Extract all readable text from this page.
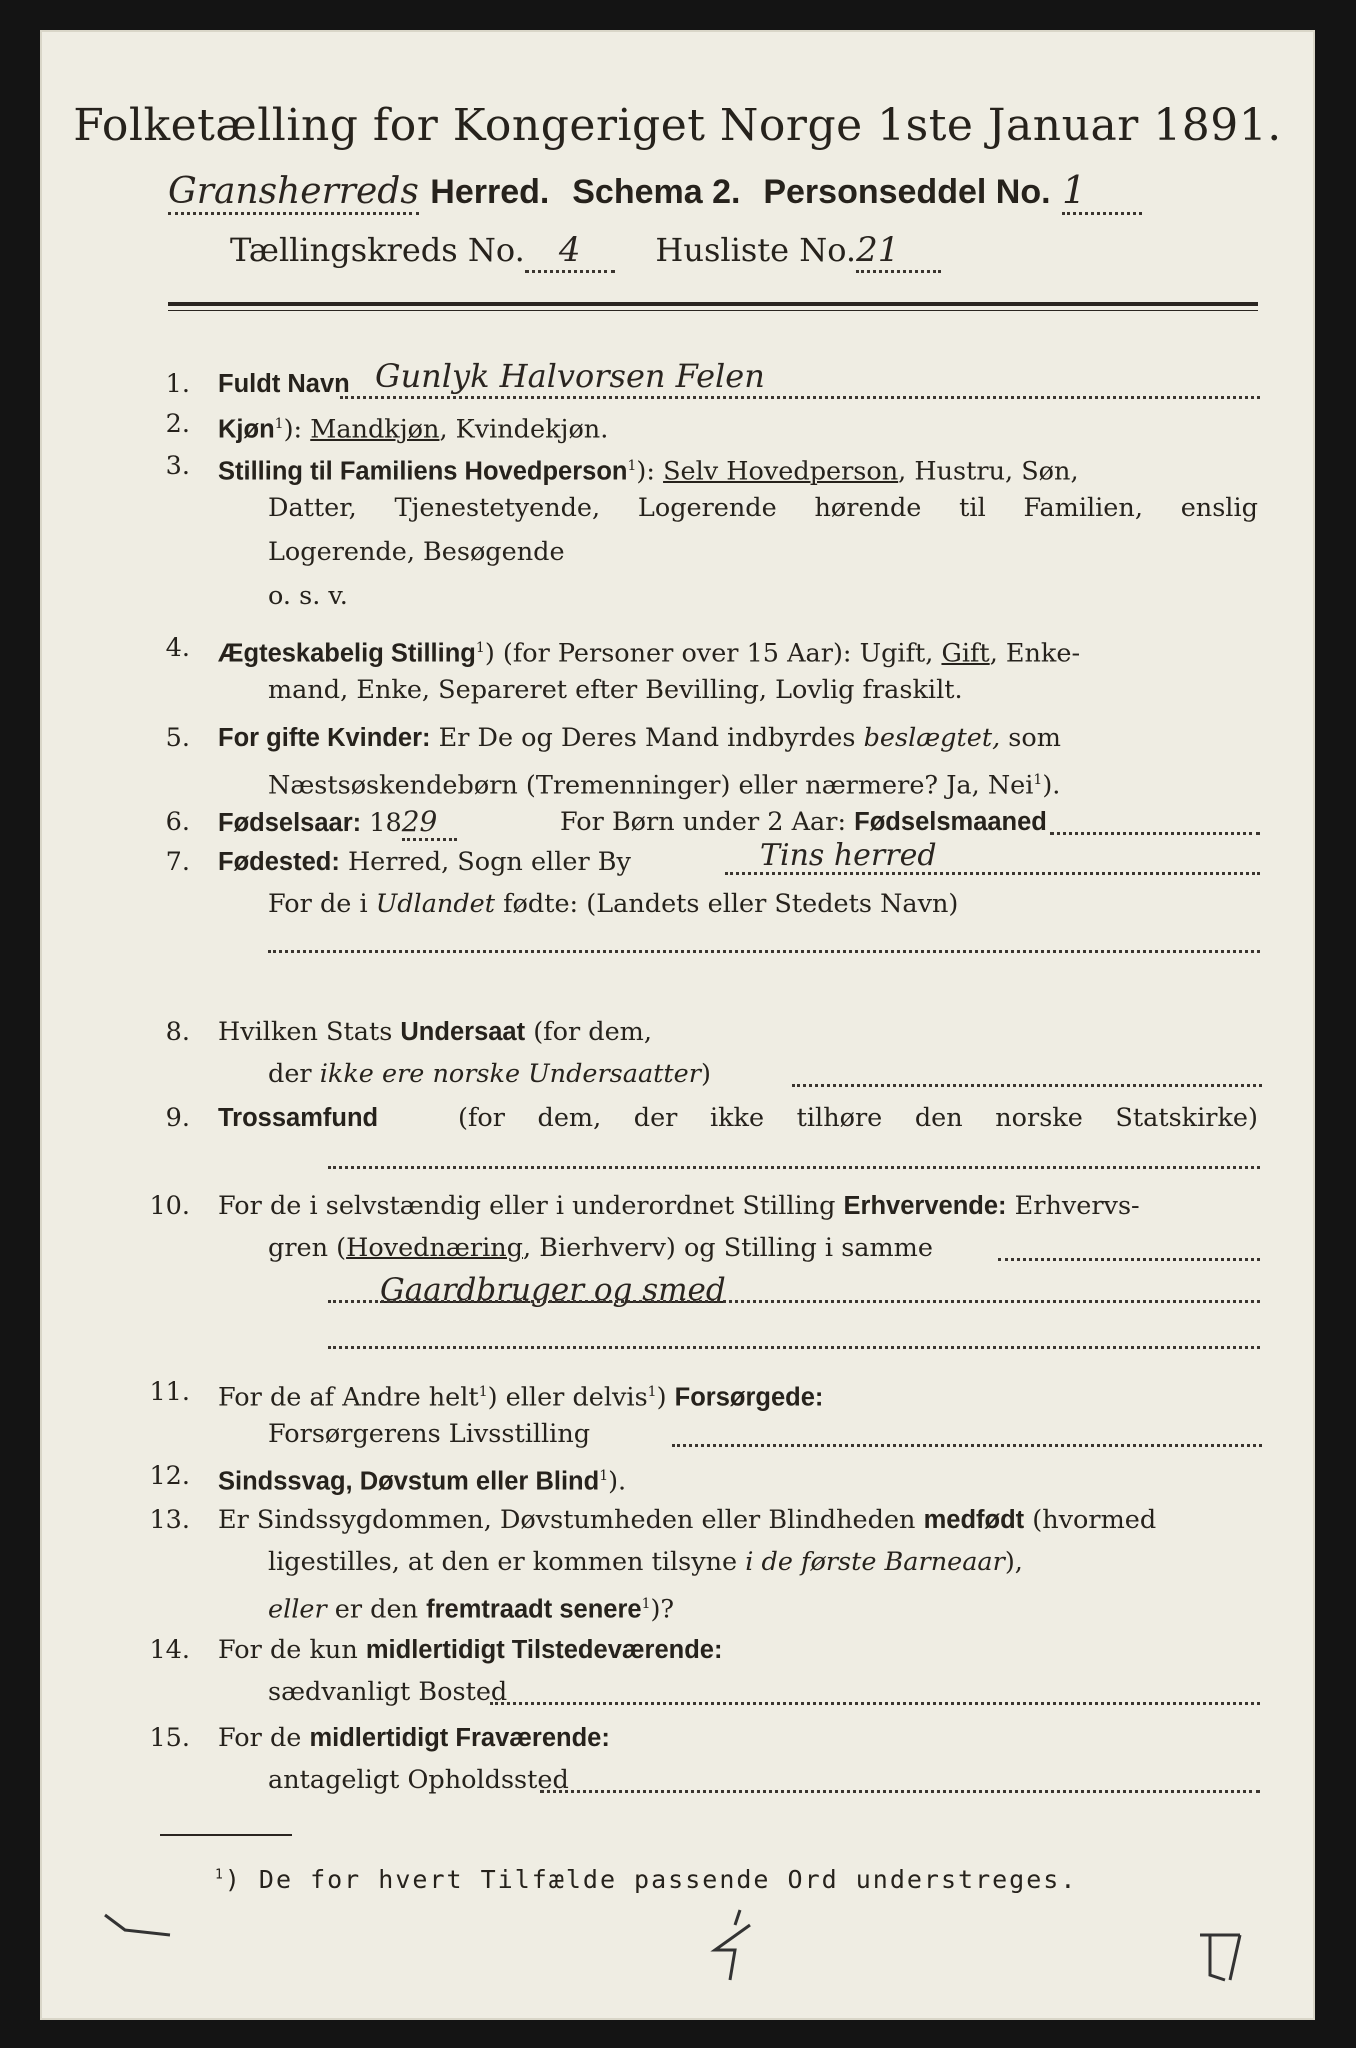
Folketælling for Kongeriget Norge 1ste Januar 1891.
Gransherreds Herred. Schema 2. Personseddel No. 1
Tællingskreds No. 4 Husliste No.21
1. Fuldt Navn Gunlyk Halvorsen Felen
2. Kjøn$^1$): Mandkjøn, Kvindekjøn.
3. Stilling til Familiens Hovedperson$^1$): Selv Hovedperson, Hustru, Søn,
Datter, Tjenestetyende, Logerende hørende til Familien, enslig
Logerende, Besøgende
o. s. v.
4. Ægteskabelig Stilling$^1$) (for Personer over 15 Aar): Ugift, Gift, Enke-
mand, Enke, Separeret efter Bevilling, Lovlig fraskilt.
5. For gifte Kvinder: Er De og Deres Mand indbyrdes beslægtet, som
Næstsøskendebørn (Tremenninger) eller nærmere? Ja, Nei$^1$).
6. Fødselsaar: 1829	For Børn under 2 Aar: Fødselsmaaned
7. Fødested: Herred, Sogn eller By	Tins herred
For de i Udlandet fødte: (Landets eller Stedets Navn)
8. Hvilken Stats Undersaat (for dem,
der ikke ere norske Undersaatter)
9. Trossamfund	(for dem, der ikke tilhøre den norske Statskirke)
10. For de i selvstændig eller i underordnet Stilling Erhvervende: Erhvervs-
gren (Hovednæring, Bierhverv) og Stilling i samme
Gaardbruger og smed
11. For de af Andre helt$^1$) eller delvis$^1$) Forsørgede:
Forsørgerens Livsstilling
12. Sindssvag, Døvstum eller Blind$^1$).
13. Er Sindssygdommen, Døvstumheden eller Blindheden medfødt (hvormed
ligestilles, at den er kommen tilsyne i de første Barneaar),
eller er den fremtraadt senere$^1$)?
14. For de kun midlertidigt Tilstedeværende:
sædvanligt Bosted
15. For de midlertidigt Fraværende:
antageligt Opholdssted
$^1$) De for hvert Tilfælde passende Ord understreges.
